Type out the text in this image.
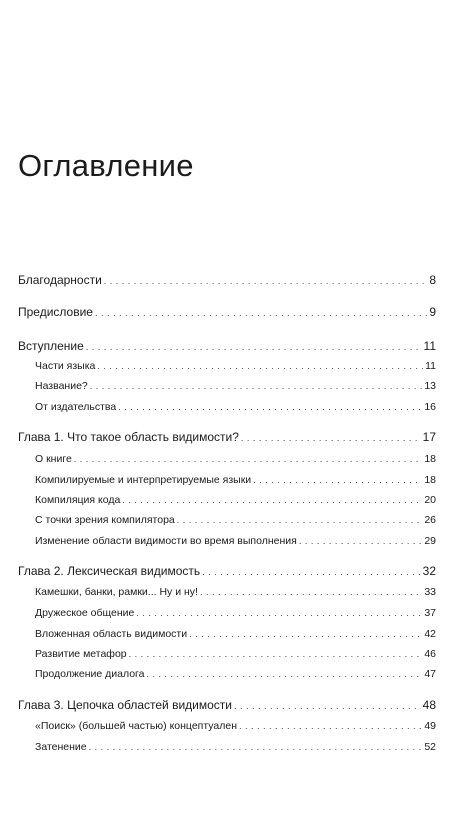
Оглавление
Благодарности . . .	8
Предисловие . . .	9
Вступление . . .	11
Части языка . . .	11
Название? . . .	13
От издательства . . .	16
Глава 1. Что такое область видимости? . . .	17
О книге . . .	18
Компилируемые и интерпретируемые языки . . .	18
Компиляция кода . . .	20
С точки зрения компилятора . . .	26
Изменение области видимости во время выполнения . . .	29
Глава 2. Лексическая видимость . . .	32
Камешки, банки, рамки... Ну и ну! . . .	33
Дружеское общение . . .	37
Вложенная область видимости . . .	42
Развитие метафор . . .	46
Продолжение диалога . . .	47
Глава 3. Цепочка областей видимости . . .	48
«Поиск» (большей частью) концептуален . . .	49
Затенение . . .	52
